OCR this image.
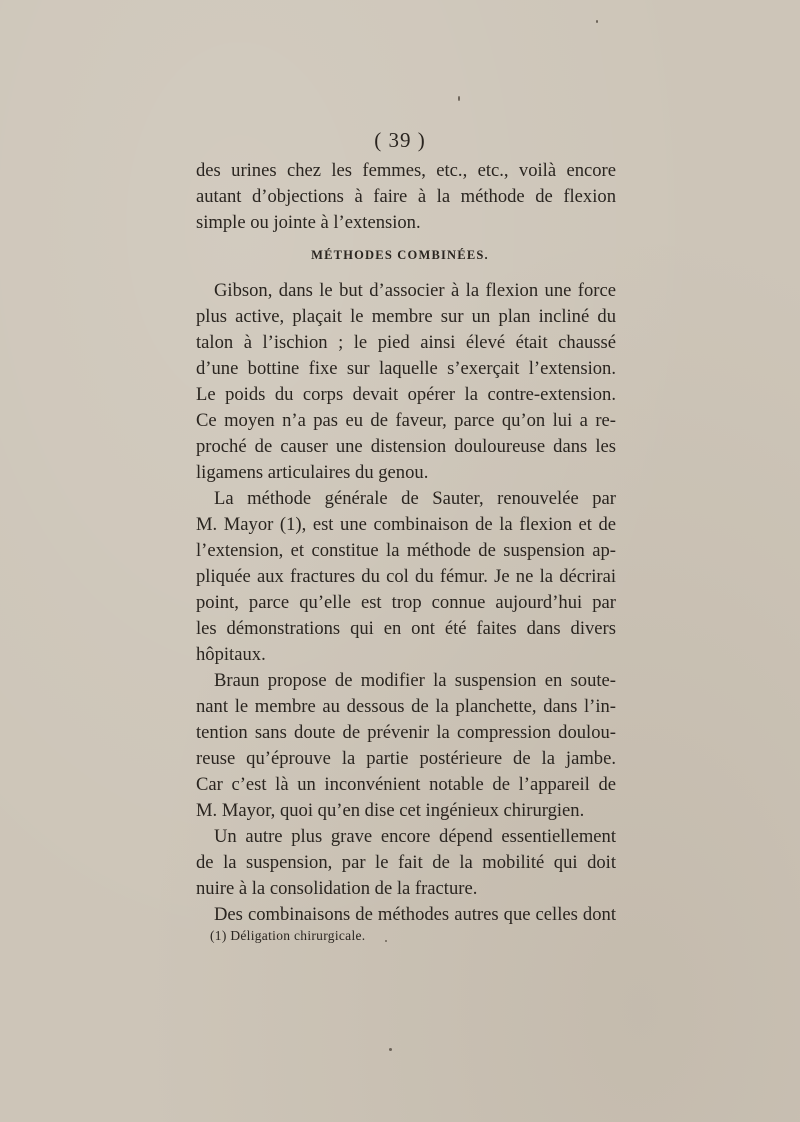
( 39 )
des urines chez les femmes, etc., etc., voilà encore
autant d’objections à faire à la méthode de flexion
simple ou jointe à l’extension.
MÉTHODES COMBINÉES.
Gibson, dans le but d’associer à la flexion une force
plus active, plaçait le membre sur un plan incliné du
talon à l’ischion ; le pied ainsi élevé était chaussé
d’une bottine fixe sur laquelle s’exerçait l’extension.
Le poids du corps devait opérer la contre-extension.
Ce moyen n’a pas eu de faveur, parce qu’on lui a re-
proché de causer une distension douloureuse dans les
ligamens articulaires du genou.
La méthode générale de Sauter, renouvelée par
M. Mayor (1), est une combinaison de la flexion et de
l’extension, et constitue la méthode de suspension ap-
pliquée aux fractures du col du fémur. Je ne la décrirai
point, parce qu’elle est trop connue aujourd’hui par
les démonstrations qui en ont été faites dans divers
hôpitaux.
Braun propose de modifier la suspension en soute-
nant le membre au dessous de la planchette, dans l’in-
tention sans doute de prévenir la compression doulou-
reuse qu’éprouve la partie postérieure de la jambe.
Car c’est là un inconvénient notable de l’appareil de
M. Mayor, quoi qu’en dise cet ingénieux chirurgien.
Un autre plus grave encore dépend essentiellement
de la suspension, par le fait de la mobilité qui doit
nuire à la consolidation de la fracture.
Des combinaisons de méthodes autres que celles dont
(1) Déligation chirurgicale.
